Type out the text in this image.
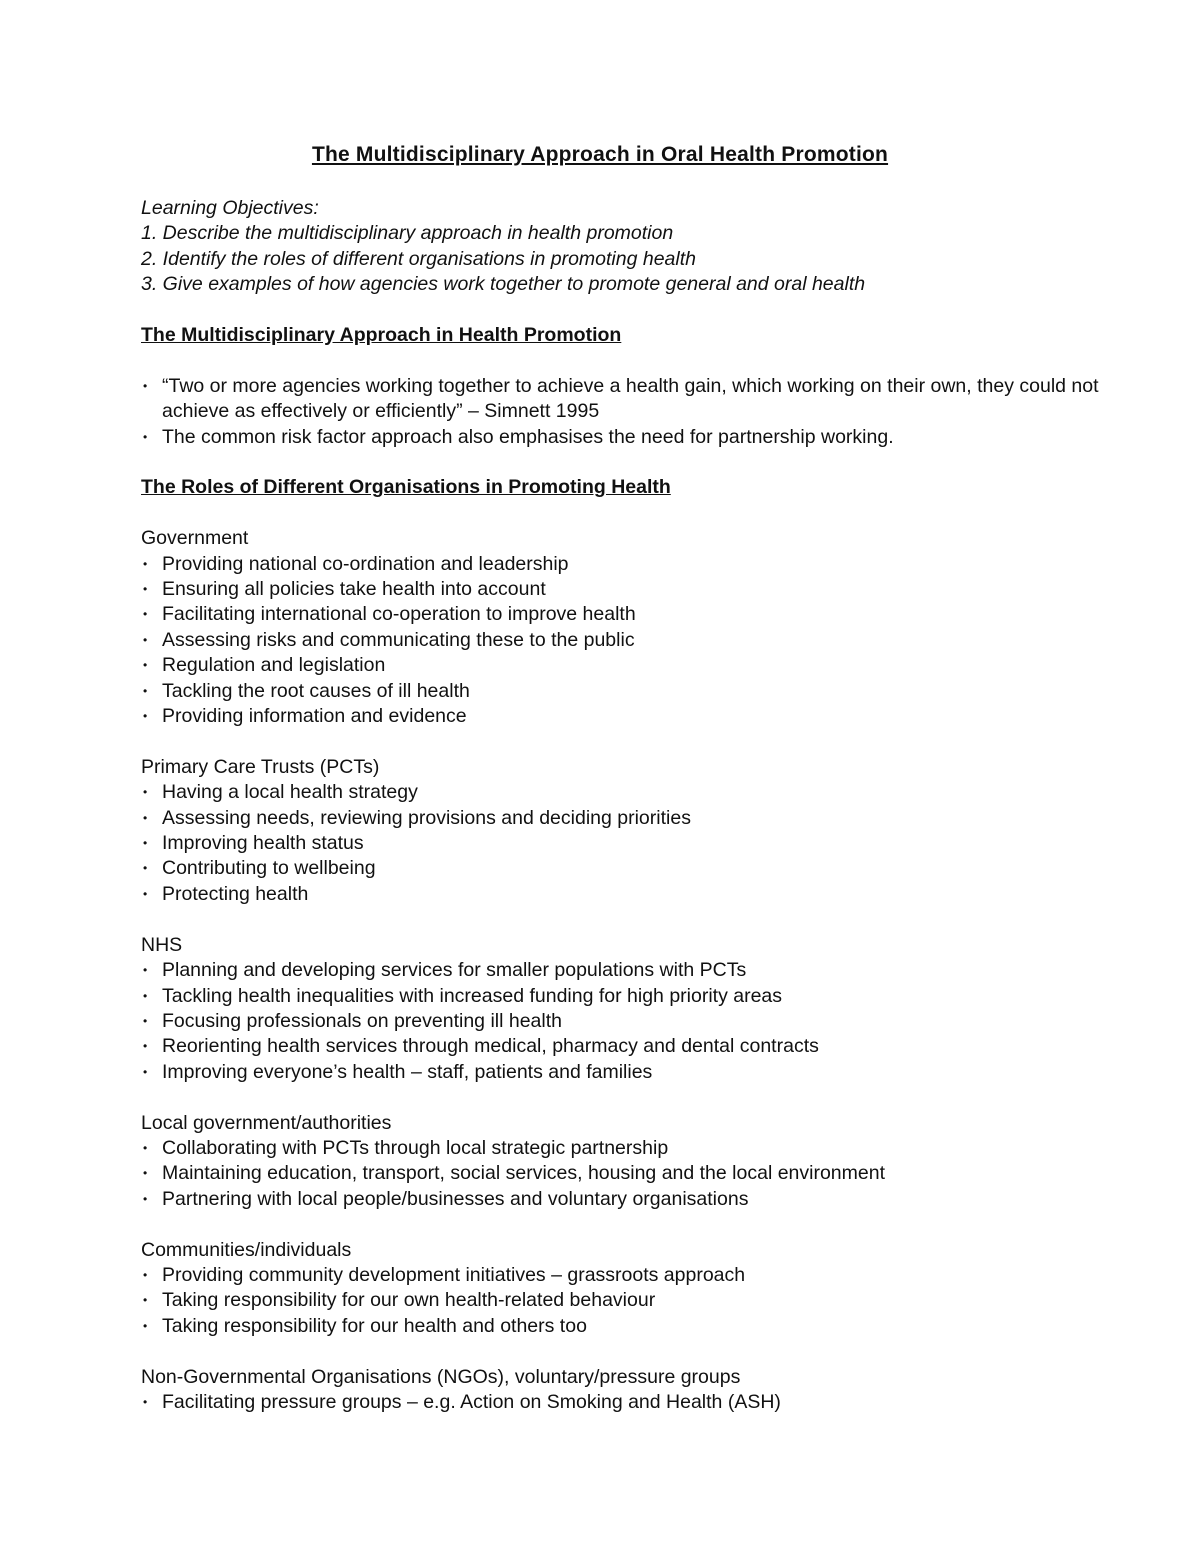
The Multidisciplinary Approach in Oral Health Promotion
Learning Objectives:
1. Describe the multidisciplinary approach in health promotion
2. Identify the roles of different organisations in promoting health
3. Give examples of how agencies work together to promote general and oral health
The Multidisciplinary Approach in Health Promotion
• “Two or more agencies working together to achieve a health gain, which working on their own, they could not achieve as effectively or efficiently” – Simnett 1995
• The common risk factor approach also emphasises the need for partnership working.
The Roles of Different Organisations in Promoting Health
Government
• Providing national co-ordination and leadership
• Ensuring all policies take health into account
• Facilitating international co-operation to improve health
• Assessing risks and communicating these to the public
• Regulation and legislation
• Tackling the root causes of ill health
• Providing information and evidence
Primary Care Trusts (PCTs)
• Having a local health strategy
• Assessing needs, reviewing provisions and deciding priorities
• Improving health status
• Contributing to wellbeing
• Protecting health
NHS
• Planning and developing services for smaller populations with PCTs
• Tackling health inequalities with increased funding for high priority areas
• Focusing professionals on preventing ill health
• Reorienting health services through medical, pharmacy and dental contracts
• Improving everyone’s health – staff, patients and families
Local government/authorities
• Collaborating with PCTs through local strategic partnership
• Maintaining education, transport, social services, housing and the local environment
• Partnering with local people/businesses and voluntary organisations
Communities/individuals
• Providing community development initiatives – grassroots approach
• Taking responsibility for our own health-related behaviour
• Taking responsibility for our health and others too
Non-Governmental Organisations (NGOs), voluntary/pressure groups
• Facilitating pressure groups – e.g. Action on Smoking and Health (ASH)
